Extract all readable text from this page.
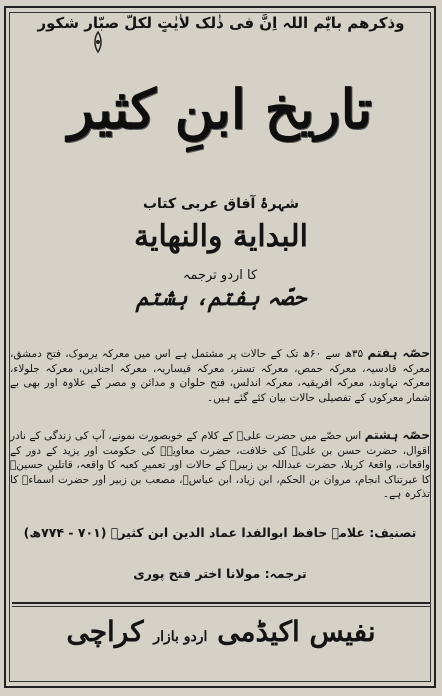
وذکرھم بایّٰم اللہ اِنَّ فی ذٰلک لاٰیٰتٍ لکلّ صبّارٍ شکور
تاریخ ابنِ کثیر
شہرۂ آفاق عربی کتاب
البدایة والنهایة
کا اردو ترجمہ
حصّہ ہفتم، ہشتم
حصّہ ہفتم ۳۵ھ سے ۶۰ھ تک کے حالات پر مشتمل ہے اس میں معرکہ یرموک، فتح دمشق، معرکہ قادسیہ، معرکہ حمص، معرکہ تستر، معرکہ قیساریہ، معرکہ اجنادین، معرکہ جلولاء، معرکہ نہاوند، معرکہ افریقیہ، معرکہ اندلس، فتح حلوان و مدائن و مصر کے علاوہ اور بھی بے شمار معرکوں کے تفصیلی حالات بیان کئے گئے ہیں۔
حصّہ ہشتم اس حصّے میں حضرت علیؓ کے کلام کے خوبصورت نمونے، آپ کی زندگی کے نادر اقوال، حضرت حسن بن علیؓ کی خلافت، حضرت معاویہؓ کی حکومت اور یزید کے دور کے واقعات، واقعۂ کربلا، حضرت عبداللہ بن زبیرؓ کے حالات اور تعمیرِ کعبہ کا واقعہ، قاتلینِ حسینؓ کا عبرتناک انجام، مروان بن الحکم، ابن زیاد، ابن عباسؓ، مصعب بن زبیر اور حضرت اسماءؓ کا تذکرہ ہے۔
تصنیف: علامہ حافظ ابوالفدا عماد الدین ابن کثیرؒ (۷۰۱ - ۷۷۴ھ)
ترجمہ: مولانا اختر فتح پوری
نفیس اکیڈمی اردو بازار کراچی
